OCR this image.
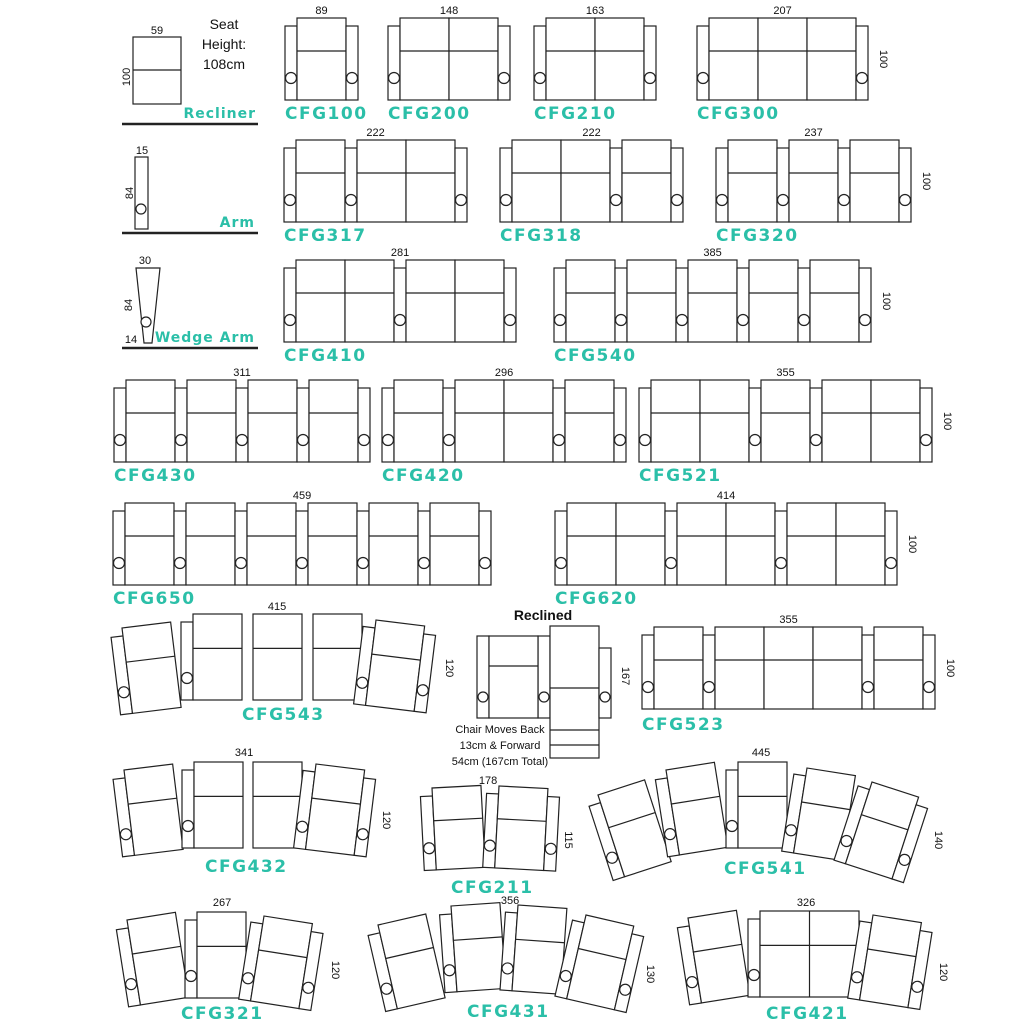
59
100
Seat
Height:
108cm
Recliner
15
84
Arm
30
14
84
Wedge Arm
89
CFG100
148
CFG200
163
CFG210
207
100
CFG300
222
CFG317
222
CFG318
237
100
CFG320
281
CFG410
385
100
CFG540
311
CFG430
296
CFG420
355
100
CFG521
459
CFG650
414
100
CFG620
415
120
CFG543
355
100
CFG523
341
120
CFG432
178
115
CFG211
445
140
CFG541
267
120
CFG321
356
130
CFG431
326
120
CFG421
Reclined
167
Chair Moves Back
13cm & Forward
54cm (167cm Total)
